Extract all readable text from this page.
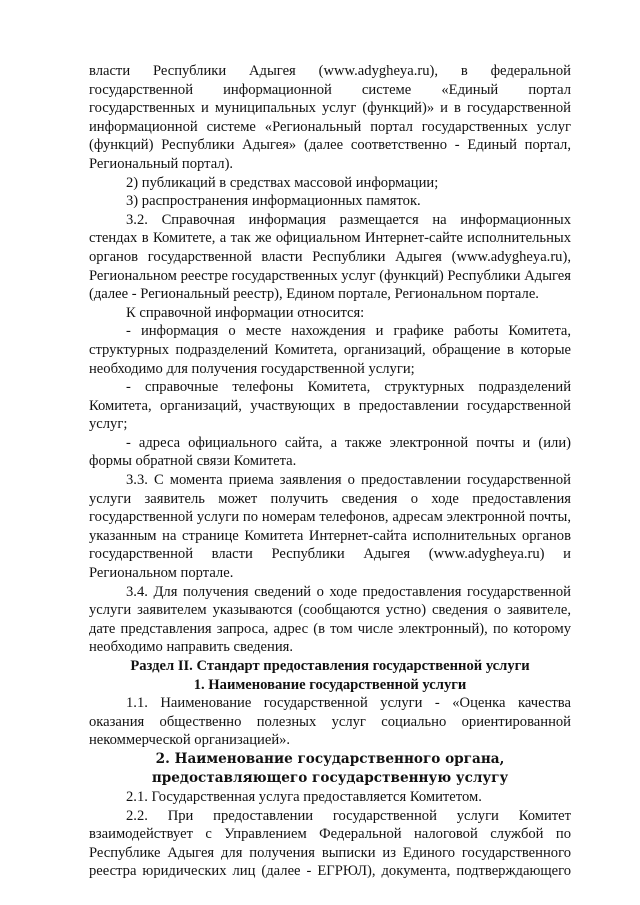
власти Республики Адыгея (www.adygheya.ru), в федеральной государственной информационной системе «Единый портал государственных и муниципальных услуг (функций)» и в государственной информационной системе «Региональный портал государственных услуг (функций) Республики Адыгея» (далее соответственно - Единый портал, Региональный портал).

2) публикаций в средствах массовой информации;

3) распространения информационных памяток.

3.2. Справочная информация размещается на информационных стендах в Комитете, а так же официальном Интернет-сайте исполнительных органов государственной власти Республики Адыгея (www.adygheya.ru), Региональном реестре государственных услуг (функций) Республики Адыгея (далее - Региональный реестр), Едином портале, Региональном портале.

К справочной информации относится:

- информация о месте нахождения и графике работы Комитета, структурных подразделений Комитета, организаций, обращение в которые необходимо для получения государственной услуги;

- справочные телефоны Комитета, структурных подразделений Комитета, организаций, участвующих в предоставлении государственной услуг;

- адреса официального сайта, а также электронной почты и (или) формы обратной связи Комитета.

3.3. С момента приема заявления о предоставлении государственной услуги заявитель может получить сведения о ходе предоставления государственной услуги по номерам телефонов, адресам электронной почты, указанным на странице Комитета Интернет-сайта исполнительных органов государственной власти Республики Адыгея (www.adygheya.ru) и Региональном портале.

3.4. Для получения сведений о ходе предоставления государственной услуги заявителем указываются (сообщаются устно) сведения о заявителе, дате представления запроса, адрес (в том числе электронный), по которому необходимо направить сведения.

Раздел II. Стандарт предоставления государственной услуги

1. Наименование государственной услуги

1.1. Наименование государственной услуги - «Оценка качества оказания общественно полезных услуг социально ориентированной некоммерческой организацией».

2. Наименование государственного органа, предоставляющего государственную услугу

2.1. Государственная услуга предоставляется Комитетом.

2.2. При предоставлении государственной услуги Комитет взаимодействует с Управлением Федеральной налоговой службой по Республике Адыгея для получения выписки из Единого государственного реестра юридических лиц (далее - ЕГРЮЛ), документа, подтверждающего
